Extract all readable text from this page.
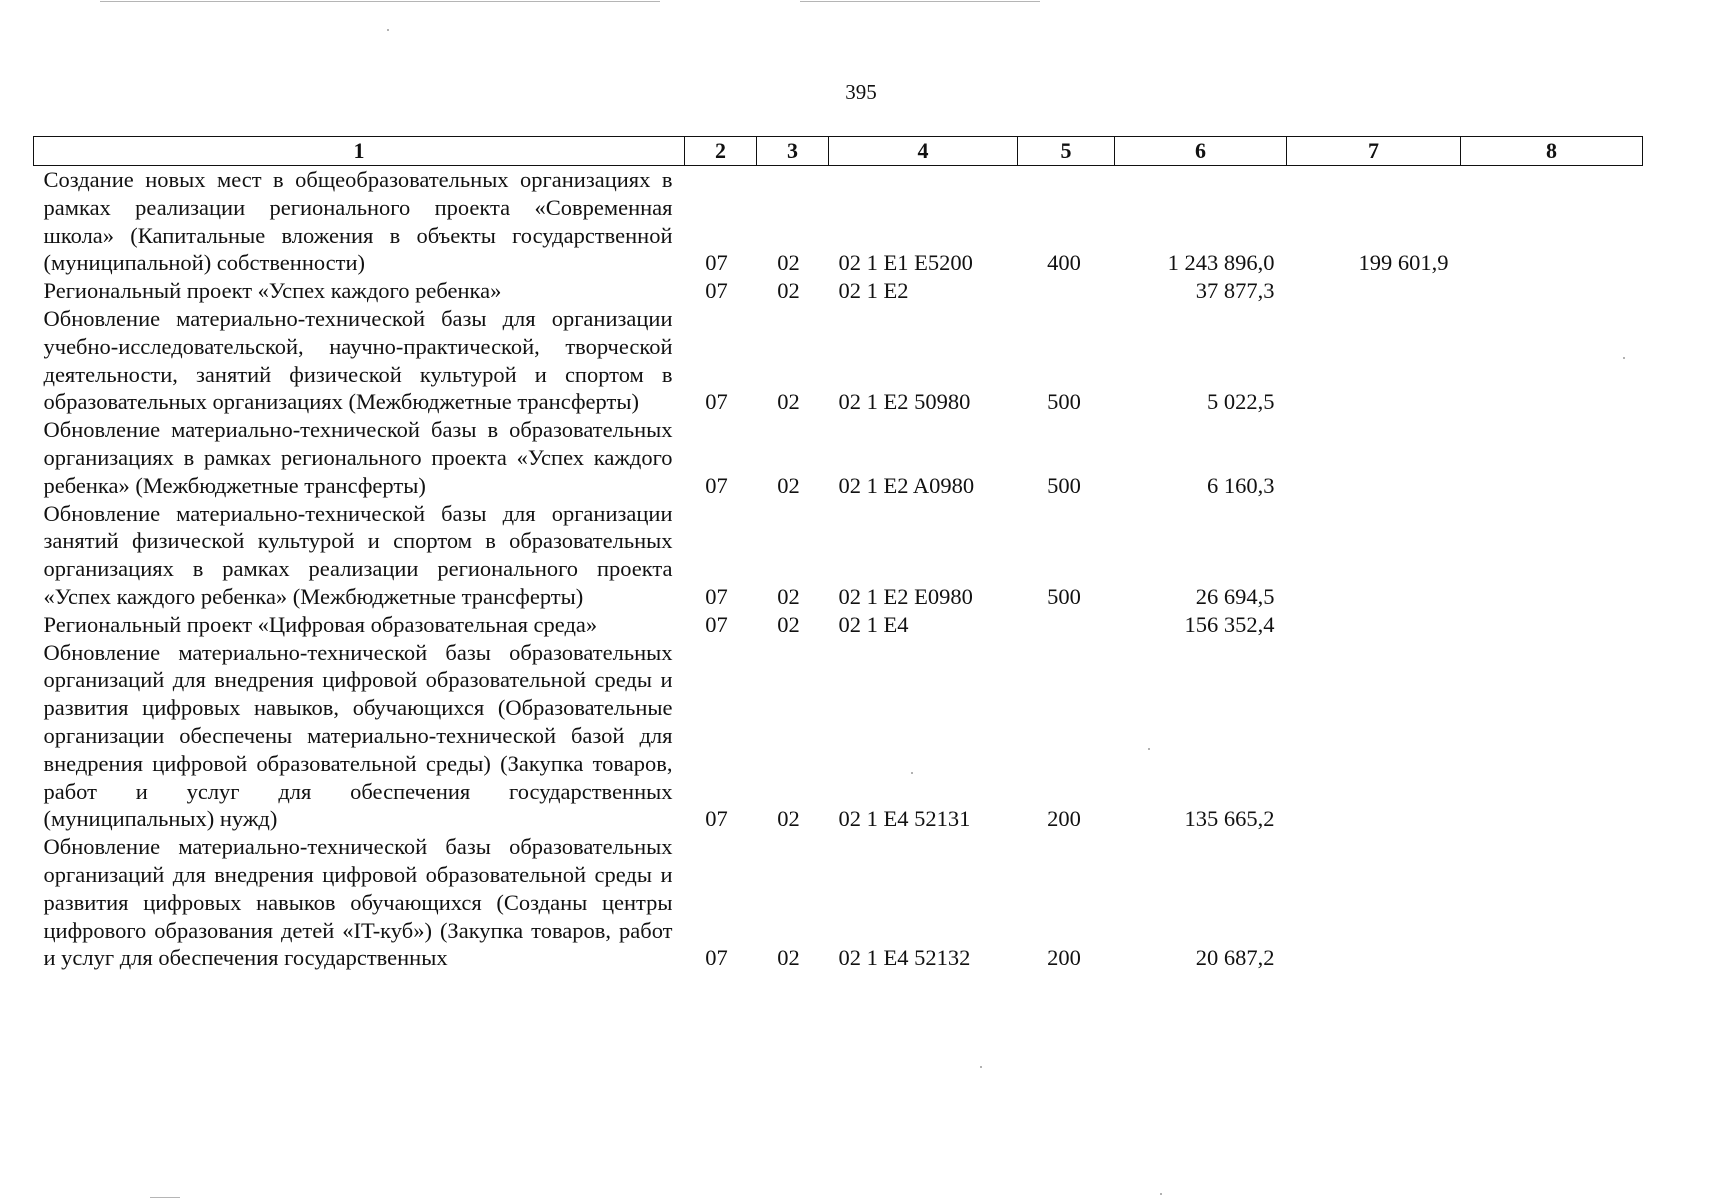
395
1	2	3	4	5	6	7	8
Создание новых мест в общеобразовательных организациях в рамках реализации регионального проекта «Современная школа» (Капитальные вложения в объекты государственной (муниципальной) собственности)	07	02	02 1 E1 E5200	400	1 243 896,0	199 601,9	
Региональный проект «Успех каждого ребенка»	07	02	02 1 E2		37 877,3		
Обновление материально-технической базы для организации учебно-исследовательской, научно-практической, творческой деятельности, занятий физической культурой и спортом в образовательных организациях (Межбюджетные трансферты)	07	02	02 1 E2 50980	500	5 022,5		
Обновление материально-технической базы в образовательных организациях в рамках регионального проекта «Успех каждого ребенка» (Межбюджетные трансферты)	07	02	02 1 E2 A0980	500	6 160,3		
Обновление материально-технической базы для организации занятий физической культурой и спортом в образовательных организациях в рамках реализации регионального проекта «Успех каждого ребенка» (Межбюджетные трансферты)	07	02	02 1 E2 E0980	500	26 694,5		
Региональный проект «Цифровая образовательная среда»	07	02	02 1 E4		156 352,4		
Обновление материально-технической базы образовательных организаций для внедрения цифровой образовательной среды и развития цифровых навыков, обучающихся (Образовательные организации обеспечены материально-технической базой для внедрения цифровой образовательной среды) (Закупка товаров, работ и услуг для обеспечения государственных (муниципальных) нужд)	07	02	02 1 E4 52131	200	135 665,2		
Обновление материально-технической базы образовательных организаций для внедрения цифровой образовательной среды и развития цифровых навыков обучающихся (Созданы центры цифрового образования детей «IT-куб») (Закупка товаров, работ и услуг для обеспечения государственных	07	02	02 1 E4 52132	200	20 687,2		
